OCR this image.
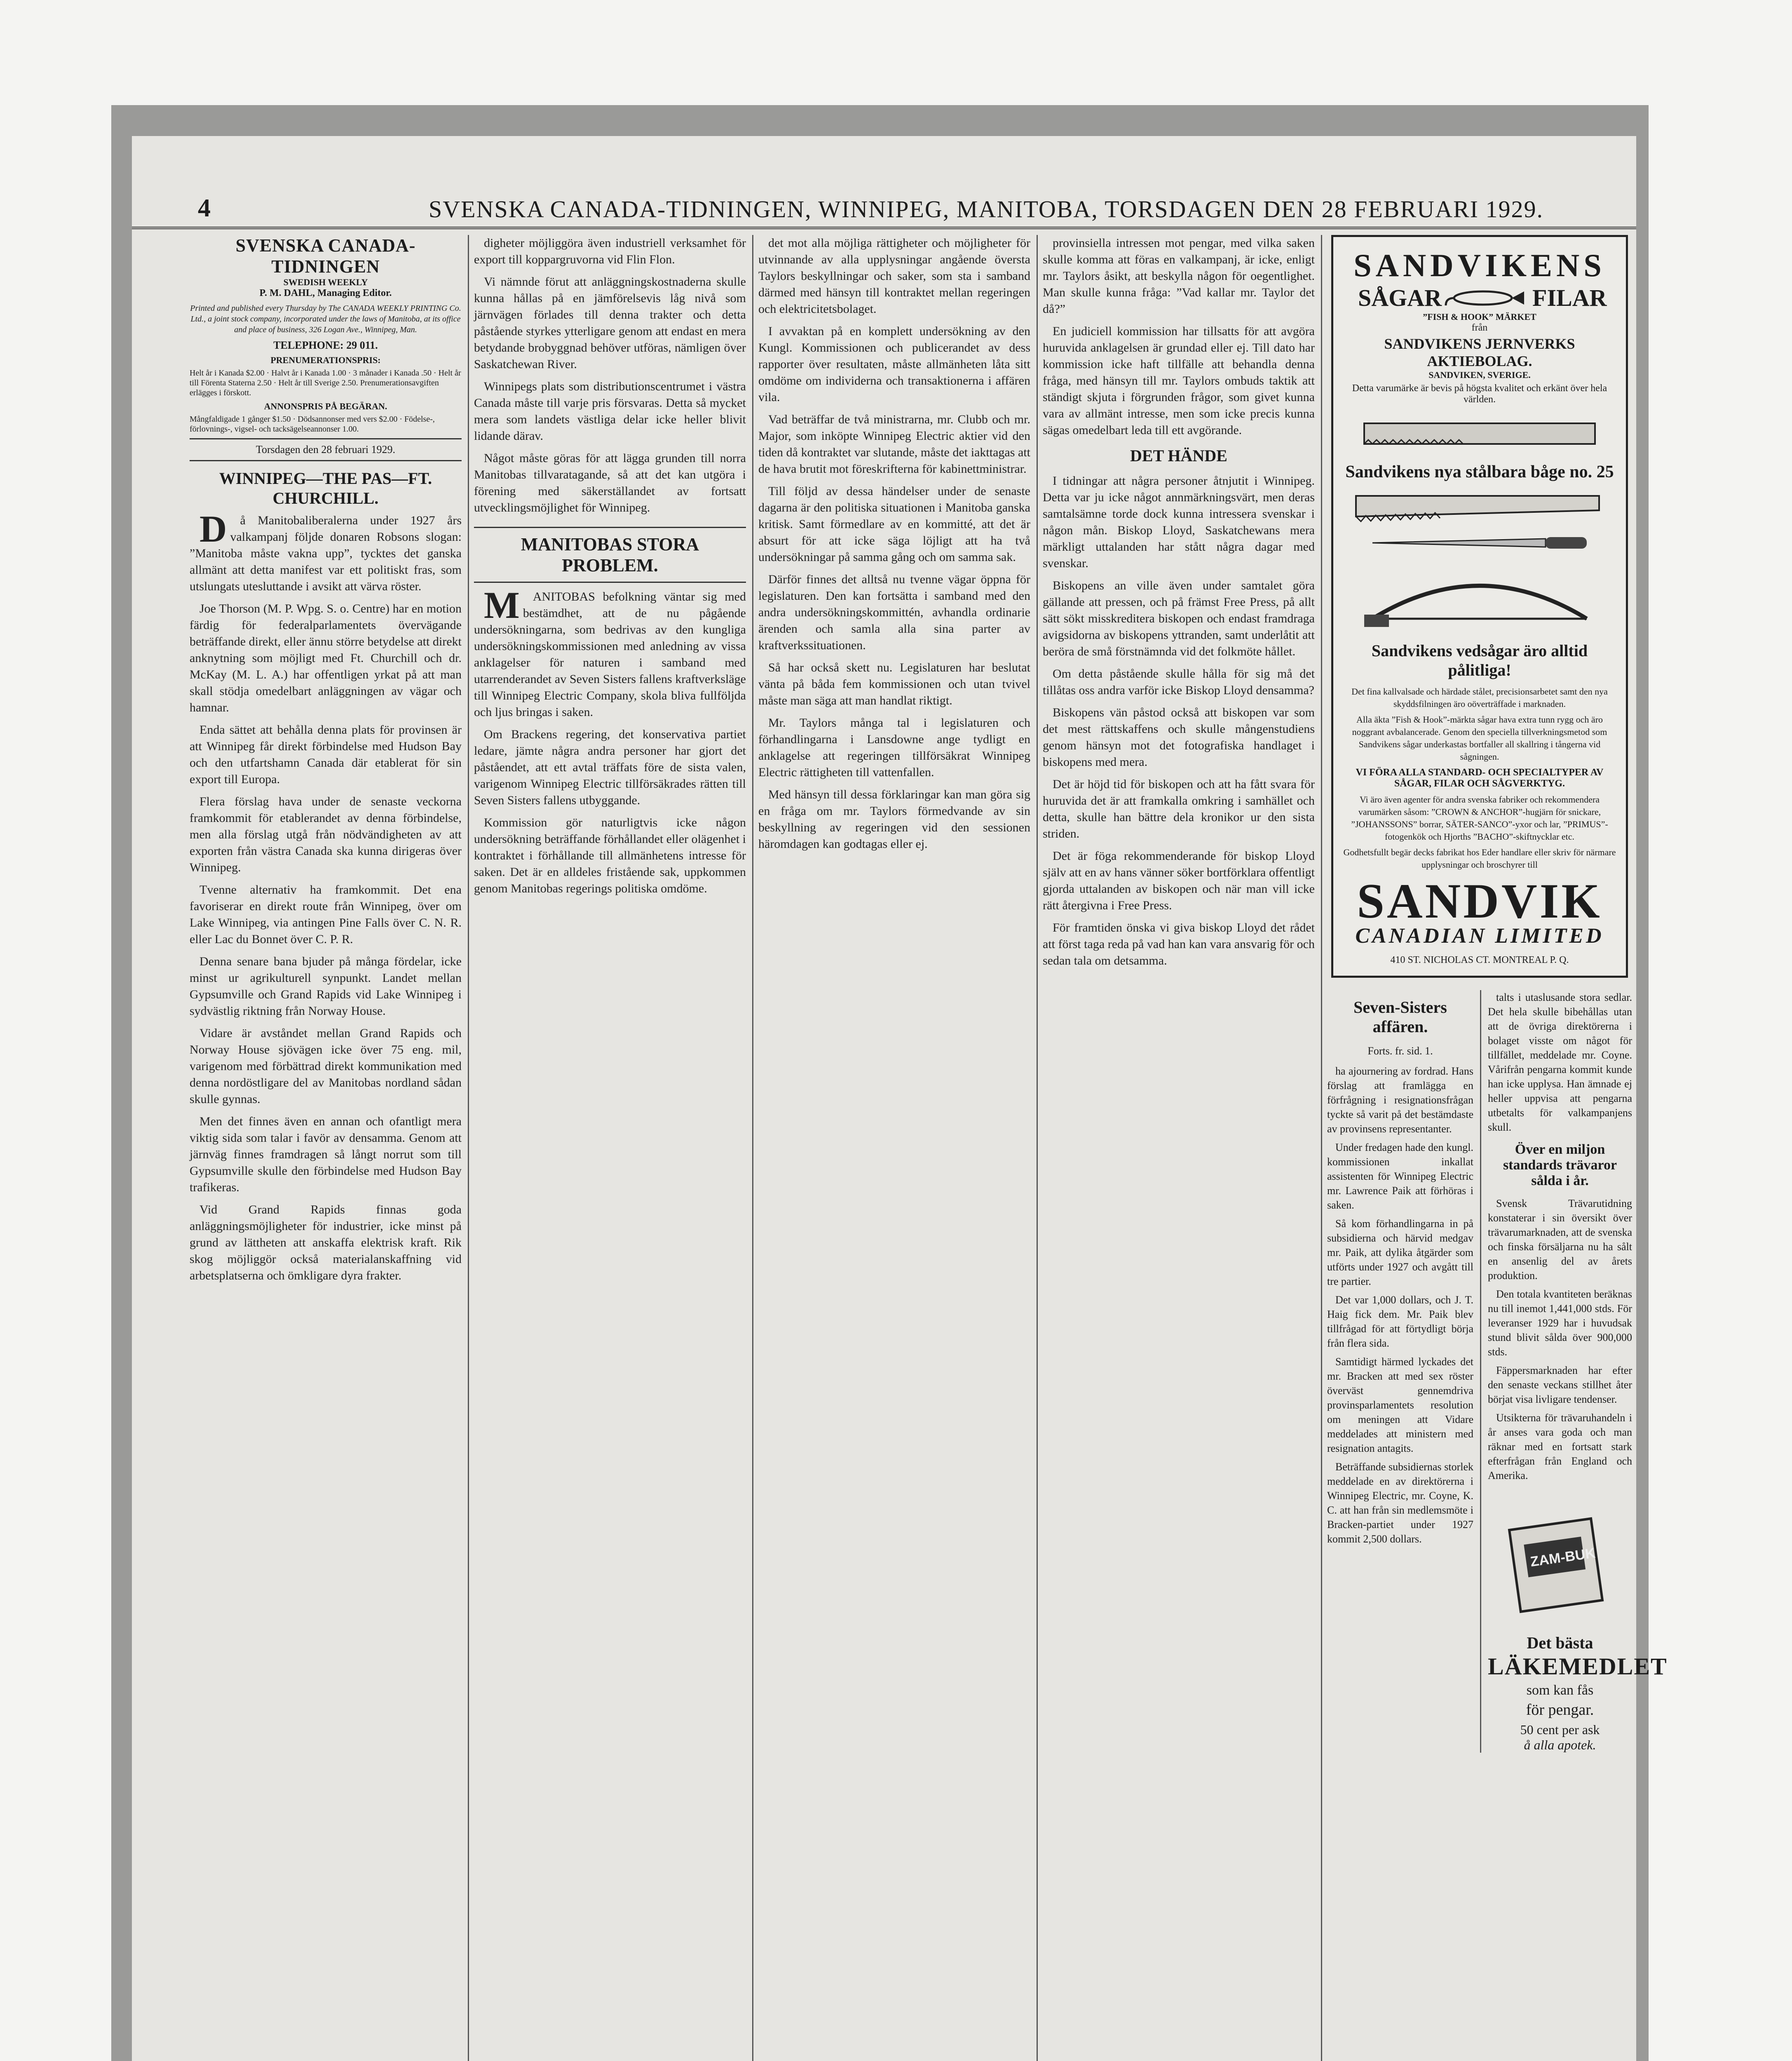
4	SVENSKA CANADA-TIDNINGEN, WINNIPEG, MANITOBA, TORSDAGEN DEN 28 FEBRUARI 1929.
SVENSKA CANADA-TIDNINGEN
SWEDISH WEEKLY
P. M. DAHL, Managing Editor.
Printed and published every Thursday by The CANADA WEEKLY PRINTING Co. Ltd., a joint stock company, incorporated under the laws of Manitoba, at its office and place of business, 326 Logan Ave., Winnipeg, Man.
TELEPHONE: 29 011.
PRENUMERATIONSPRIS:
Helt år i Kanada $2.00 · Halvt år i Kanada 1.00 · 3 månader i Kanada .50 · Helt år till Förenta Staterna 2.50 · Helt år till Sverige 2.50. Prenumerationsavgiften erlägges i förskott.
ANNONSPRIS PÅ BEGÄRAN.
Mångfaldigade 1 gånger $1.50 · Dödsannonser med vers $2.00 · Födelse-, förlovnings-, vigsel- och tacksägelseannonser 1.00.
Torsdagen den 28 februari 1929.
WINNIPEG—THE PAS—FT. CHURCHILL.

D å Manitobaliberalerna under 1927 års valkampanj följde donaren Robsons slogan: ”Manitoba måste vakna upp”, tycktes det ganska allmänt att detta manifest var ett politiskt fras, som utslungats utesluttande i avsikt att värva röster.

Joe Thorson (M. P. Wpg. S. o. Centre) har en motion färdig för federalparlamentets övervägande beträffande direkt, eller ännu större betydelse att direkt anknytning som möjligt med Ft. Churchill och dr. McKay (M. L. A.) har offentligen yrkat på att man skall stödja omedelbart anläggningen av vägar och hamnar.

Enda sättet att behålla denna plats för provinsen är att Winnipeg får direkt förbindelse med Hudson Bay och den utfartshamn Canada där etablerat för sin export till Europa.

Flera förslag hava under de senaste veckorna framkommit för etablerandet av denna förbindelse, men alla förslag utgå från nödvändigheten av att exporten från västra Canada ska kunna dirigeras över Winnipeg.

Tvenne alternativ ha framkommit. Det ena favoriserar en direkt route från Winnipeg, över om Lake Winnipeg, via antingen Pine Falls över C. N. R. eller Lac du Bonnet över C. P. R.

Denna senare bana bjuder på många fördelar, icke minst ur agrikulturell synpunkt. Landet mellan Gypsumville och Grand Rapids vid Lake Winnipeg i sydvästlig riktning från Norway House.

Vidare är avståndet mellan Grand Rapids och Norway House sjövägen icke över 75 eng. mil, varigenom med förbättrad direkt kommunikation med denna nordöstligare del av Manitobas nordland sådan skulle gynnas.

Men det finnes även en annan och ofantligt mera viktig sida som talar i favör av densamma. Genom att järnväg finnes framdragen så långt norrut som till Gypsumville skulle den förbindelse med Hudson Bay trafikeras.

Vid Grand Rapids finnas goda anläggningsmöjligheter för industrier, icke minst på grund av lättheten att anskaffa elektrisk kraft. Rik skog möjliggör också materialanskaffning vid arbetsplatserna och ömkligare dyra frakter.

digheter möjliggöra även industriell verksamhet för export till koppargruvorna vid Flin Flon.

Vi nämnde förut att anläggningskostnaderna skulle kunna hållas på en jämförelsevis låg nivå som järnvägen förlades till denna trakter och detta påstående styrkes ytterligare genom att endast en mera betydande brobyggnad behöver utföras, nämligen över Saskatchewan River.

Winnipegs plats som distributionscentrumet i västra Canada måste till varje pris försvaras. Detta så mycket mera som landets västliga delar icke heller blivit lidande därav.

Något måste göras för att lägga grunden till norra Manitobas tillvaratagande, så att det kan utgöra i förening med säkerställandet av fortsatt utvecklingsmöjlighet för Winnipeg.

MANITOBAS STORA PROBLEM.

M ANITOBAS befolkning väntar sig med bestämdhet, att de nu pågående undersökningarna, som bedrivas av den kungliga undersökningskommissionen med anledning av vissa anklagelser för naturen i samband med utarrenderandet av Seven Sisters fallens kraftverksläge till Winnipeg Electric Company, skola bliva fullföljda och ljus bringas i saken.

Om Brackens regering, det konservativa partiet ledare, jämte några andra personer har gjort det påståendet, att ett avtal träffats före de sista valen, varigenom Winnipeg Electric tillförsäkrades rätten till Seven Sisters fallens utbyggande.

Kommission gör naturligtvis icke någon undersökning beträffande förhållandet eller olägenhet i kontraktet i förhållande till allmänhetens intresse för saken. Det är en alldeles fristående sak, uppkommen genom Manitobas regerings politiska omdöme.

det mot alla möjliga rättigheter och möjligheter för utvinnande av alla upplysningar angående översta Taylors beskyllningar och saker, som sta i samband därmed med hänsyn till kontraktet mellan regeringen och elektricitetsbolaget.

I avvaktan på en komplett undersökning av den Kungl. Kommissionen och publicerandet av dess rapporter över resultaten, måste allmänheten låta sitt omdöme om individerna och transaktionerna i affären vila.

Vad beträffar de två ministrarna, mr. Clubb och mr. Major, som inköpte Winnipeg Electric aktier vid den tiden då kontraktet var slutande, måste det iakttagas att de hava brutit mot föreskrifterna för kabinettministrar.

Till följd av dessa händelser under de senaste dagarna är den politiska situationen i Manitoba ganska kritisk. Samt förmedlare av en kommitté, att det är absurt för att icke säga löjligt att ha två undersökningar på samma gång och om samma sak.

Därför finnes det alltså nu tvenne vägar öppna för legislaturen. Den kan fortsätta i samband med den andra undersökningskommittén, avhandla ordinarie ärenden och samla alla sina parter av kraftverkssituationen.

Så har också skett nu. Legislaturen har beslutat vänta på båda fem kommissionen och utan tvivel måste man säga att man handlat riktigt.

Mr. Taylors många tal i legislaturen och förhandlingarna i Lansdowne ange tydligt en anklagelse att regeringen tillförsäkrat Winnipeg Electric rättigheten till vattenfallen.

Med hänsyn till dessa förklaringar kan man göra sig en fråga om mr. Taylors förmedvande av sin beskyllning av regeringen vid den sessionen häromdagen kan godtagas eller ej.

provinsiella intressen mot pengar, med vilka saken skulle komma att föras en valkampanj, är icke, enligt mr. Taylors åsikt, att beskylla någon för oegentlighet. Man skulle kunna fråga: ”Vad kallar mr. Taylor det då?”

En judiciell kommission har tillsatts för att avgöra huruvida anklagelsen är grundad eller ej. Till dato har kommission icke haft tillfälle att behandla denna fråga, med hänsyn till mr. Taylors ombuds taktik att ständigt skjuta i förgrunden frågor, som givet kunna vara av allmänt intresse, men som icke precis kunna sägas omedelbart leda till ett avgörande.

DET HÄNDE

I tidningar att några personer åtnjutit i Winnipeg. Detta var ju icke något annmärkningsvärt, men deras samtalsämne torde dock kunna intressera svenskar i någon mån. Biskop Lloyd, Saskatchewans mera märkligt uttalanden har stått några dagar med svenskar.

Biskopens an ville även under samtalet göra gällande att pressen, och på främst Free Press, på allt sätt sökt misskreditera biskopen och endast framdraga avigsidorna av biskopens yttranden, samt underlåtit att beröra de små förstnämnda vid det folkmöte hållet.

Om detta påstående skulle hålla för sig må det tillåtas oss andra varför icke Biskop Lloyd densamma?

Biskopens vän påstod också att biskopen var som det mest rättskaffens och skulle mångenstudiens genom hänsyn mot det fotografiska handlaget i biskopens med mera.

Det är höjd tid för biskopen och att ha fått svara för huruvida det är att framkalla omkring i samhället och detta, skulle han bättre dela kronikor ur den sista striden.

Det är föga rekommenderande för biskop Lloyd själv att en av hans vänner söker bortförklara offentligt gjorda uttalanden av biskopen och när man vill icke rätt återgivna i Free Press.

För framtiden önska vi giva biskop Lloyd det rådet att först taga reda på vad han kan vara ansvarig för och sedan tala om detsamma.

SANDVIKENS
SÅGAR	FILAR
”FISH & HOOK” MÄRKET
från
SANDVIKENS JERNVERKS AKTIEBOLAG.
SANDVIKEN, SVERIGE.
Detta varumärke är bevis på högsta kvalitet och erkänt över hela världen.
Sandvikens nya stålbara båge no. 25
Sandvikens vedsågar äro alltid pålitliga!
Det fina kallvalsade och härdade stålet, precisionsarbetet samt den nya skyddsfilningen äro oöverträffade i marknaden.
Alla äkta ”Fish & Hook”-märkta sågar hava extra tunn rygg och äro noggrant avbalancerade. Genom den speciella tillverkningsmetod som Sandvikens sågar underkastas bortfaller all skallring i tångerna vid sågningen.
VI FÖRA ALLA STANDARD- OCH SPECIALTYPER AV SÅGAR, FILAR OCH SÅGVERKTYG.
Vi äro även agenter för andra svenska fabriker och rekommendera varumärken såsom: ”CROWN & ANCHOR”-hugjärn för snickare, ”JOHANSSONS” borrar, SÄTER-SANCO”-yxor och lar, ”PRIMUS”-fotogenkök och Hjorths ”BACHO”-skiftnycklar etc.
Godhetsfullt begär decks fabrikat hos Eder handlare eller skriv för närmare upplysningar och broschyrer till
SANDVIK
CANADIAN LIMITED
410 ST. NICHOLAS CT. MONTREAL P. Q.
Seven-Sisters affären.
Forts. fr. sid. 1.

ha ajournering av fordrad. Hans förslag att framlägga en förfrågning i resignationsfrågan tyckte så varit på det bestämdaste av provinsens representanter.

Under fredagen hade den kungl. kommissionen inkallat assistenten för Winnipeg Electric mr. Lawrence Paik att förhöras i saken.

Så kom förhandlingarna in på subsidierna och härvid medgav mr. Paik, att dylika åtgärder som utförts under 1927 och avgått till tre partier.

Det var 1,000 dollars, och J. T. Haig fick dem. Mr. Paik blev tillfrågad för att förtydligt börja från flera sida.

Samtidigt härmed lyckades det mr. Bracken att med sex röster överväst gennemdriva provinsparlamentets resolution om meningen att Vidare meddelades att ministern med resignation antagits.

Beträffande subsidiernas storlek meddelade en av direktörerna i Winnipeg Electric, mr. Coyne, K. C. att han från sin medlemsmöte i Bracken-partiet under 1927 kommit 2,500 dollars.

talts i utaslusande stora sedlar. Det hela skulle bibehållas utan att de övriga direktörerna i bolaget visste om något för tillfället, meddelade mr. Coyne. Vårifrån pengarna kommit kunde han icke upplysa. Han ämnade ej heller uppvisa att pengarna utbetalts för valkampanjens skull.

Över en miljon standards trävaror sålda i år.

Svensk Trävarutidning konstaterar i sin översikt över trävarumarknaden, att de svenska och finska försäljarna nu ha sålt en ansenlig del av årets produktion.

Den totala kvantiteten beräknas nu till inemot 1,441,000 stds. För leveranser 1929 har i huvudsak stund blivit sålda över 900,000 stds.

Fäppersmarknaden har efter den senaste veckans stillhet åter börjat visa livligare tendenser.

Utsikterna för trävaruhandeln i år anses vara goda och man räknar med en fortsatt stark efterfrågan från England och Amerika.

ZAM-BUK
Det bästa
LÄKEMEDLET
som kan fås
för pengar.
50 cent per ask
å alla apotek.
